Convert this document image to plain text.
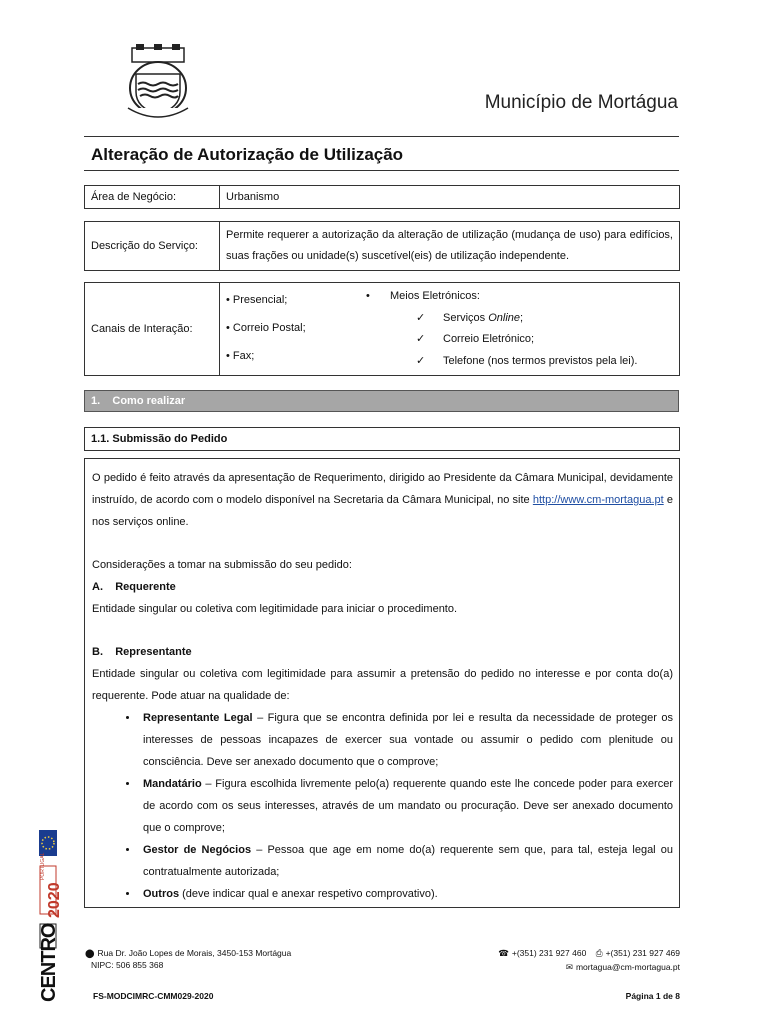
Município de Mortágua
Alteração de Autorização de Utilização
Área de Negócio:	Urbanismo
Descrição do Serviço:	Permite requerer a autorização da alteração de utilização (mudança de uso) para edifícios, suas frações ou unidade(s) suscetível(eis) de utilização independente.
Canais de Interação:	
• Presencial;
• Correio Postal;
• Fax;
• Meios Eletrónicos:
✓ Serviços Online;
✓ Correio Eletrónico;
✓ Telefone (nos termos previstos pela lei).
1.    Como realizar
1.1. Submissão do Pedido

O pedido é feito através da apresentação de Requerimento, dirigido ao Presidente da Câmara Municipal, devidamente instruído, de acordo com o modelo disponível na Secretaria da Câmara Municipal, no site http://www.cm-mortagua.pt e nos serviços online.

Considerações a tomar na submissão do seu pedido:

A.    Requerente

Entidade singular ou coletiva com legitimidade para iniciar o procedimento.

B.    Representante

Entidade singular ou coletiva com legitimidade para assumir a pretensão do pedido no interesse e por conta do(a) requerente. Pode atuar na qualidade de:

• Representante Legal – Figura que se encontra definida por lei e resulta da necessidade de proteger os interesses de pessoas incapazes de exercer sua vontade ou assumir o pedido com plenitude ou consciência. Deve ser anexado documento que o comprove;
• Mandatário – Figura escolhida livremente pelo(a) requerente quando este lhe concede poder para exercer de acordo com os seus interesses, através de um mandato ou procuração. Deve ser anexado documento que o comprove;
• Gestor de Negócios – Pessoa que age em nome do(a) requerente sem que, para tal, esteja legal ou contratualmente autorizada;
• Outros (deve indicar qual e anexar respetivo comprovativo).
2020
PORTUGAL
CENTRO	⬤ Rua Dr. João Lopes de Morais, 3450-153 Mortágua
NIPC: 506 855 368
☎ +(351) 231 927 460 ⎙ +(351) 231 927 469
✉ mortagua@cm-mortagua.pt
FS-MODCIMRC-CMM029-2020	Página 1 de 8
